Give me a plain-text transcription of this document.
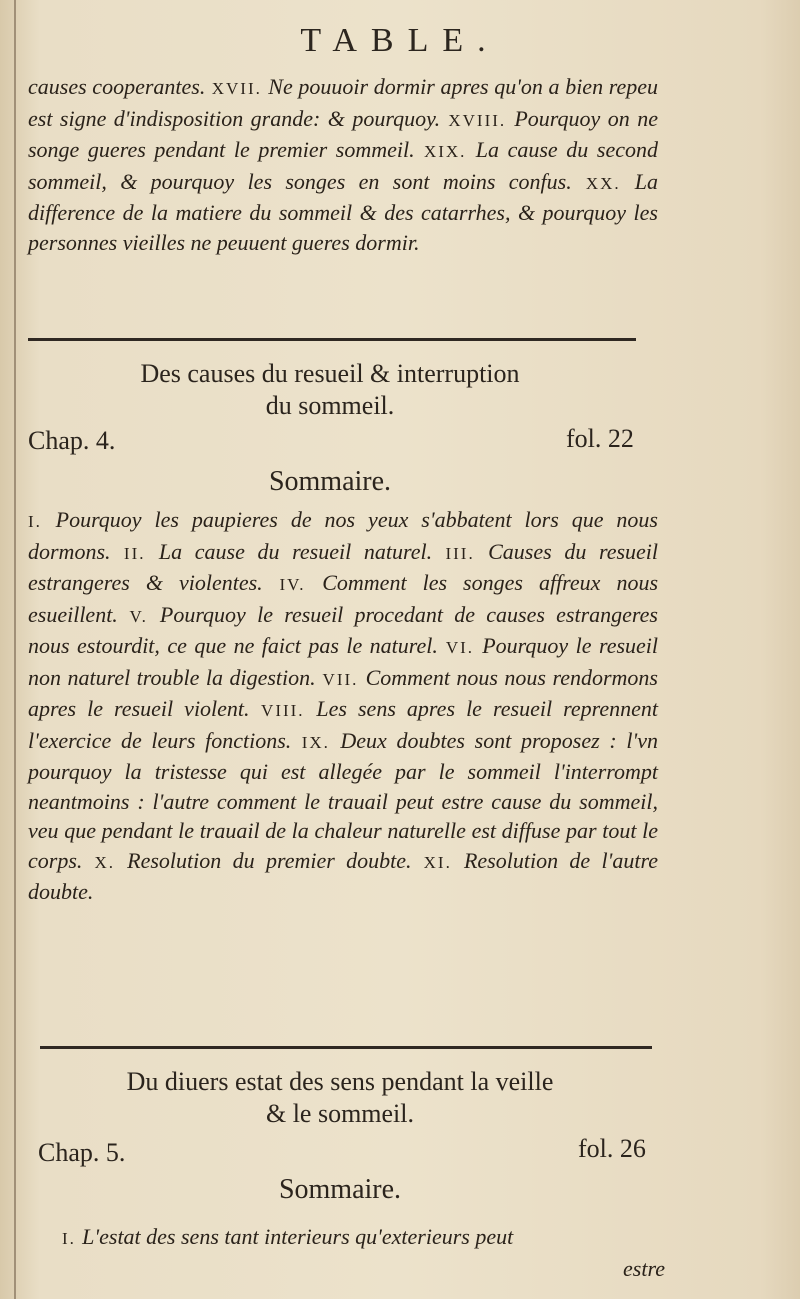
TABLE.
causes cooperantes. XVII. Ne pouuoir dormir apres qu'on a bien repeu est signe d'indisposition grande: & pourquoy. XVIII. Pourquoy on ne songe gueres pendant le premier sommeil. XIX. La cause du second sommeil, & pourquoy les songes en sont moins confus. XX. La difference de la matiere du sommeil & des catarrhes, & pourquoy les personnes vieilles ne peuuent gueres dormir.
Des causes du resueil & interruption
du sommeil.
Chap. 4.	fol. 22
Sommaire.
I. Pourquoy les paupieres de nos yeux s'abbatent lors que nous dormons. II. La cause du resueil naturel. III. Causes du resueil estrangeres & violentes. IV. Comment les songes affreux nous esueillent. V. Pourquoy le resueil procedant de causes estrangeres nous estourdit, ce que ne faict pas le naturel. VI. Pourquoy le resueil non naturel trouble la digestion. VII. Comment nous nous rendormons apres le resueil violent. VIII. Les sens apres le resueil reprennent l'exercice de leurs fonctions. IX. Deux doubtes sont proposez : l'vn pourquoy la tristesse qui est allegée par le sommeil l'interrompt neantmoins : l'autre comment le trauail peut estre cause du sommeil, veu que pendant le trauail de la chaleur naturelle est diffuse par tout le corps. X. Resolution du premier doubte. XI. Resolution de l'autre doubte.
Du diuers estat des sens pendant la veille
& le sommeil.
Chap. 5.	fol. 26
Sommaire.
I. L'estat des sens tant interieurs qu'exterieurs peut
estre
